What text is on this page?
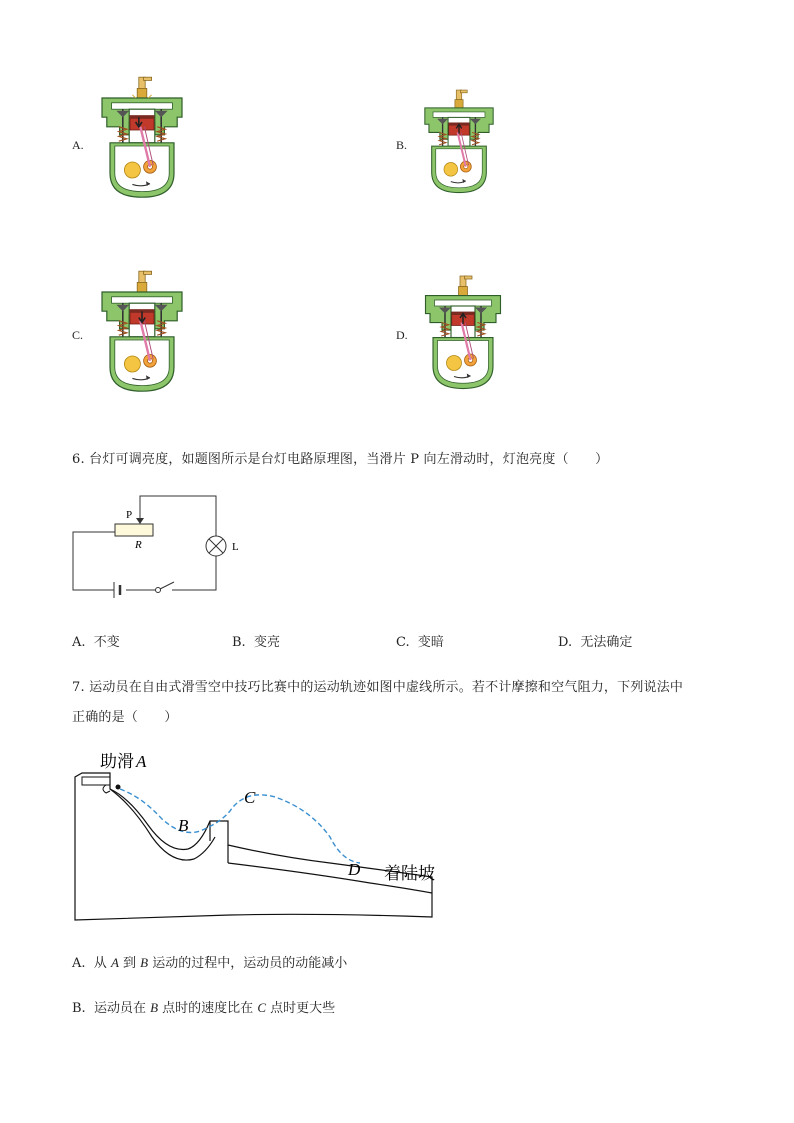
A.	B.
C.	D.
6. 台灯可调亮度，如题图所示是台灯电路原理图，当滑片 P 向左滑动时，灯泡亮度（　　）
P
R	L
A. 不变	B. 变亮	C. 变暗	D. 无法确定
7. 运动员在自由式滑雪空中技巧比赛中的运动轨迹如图中虚线所示。若不计摩擦和空气阻力，下列说法中
正确的是（　　）
助滑 A
B
C
D 着陆坡
A. 从 A 到 B 运动的过程中，运动员的动能减小
B. 运动员在 B 点时的速度比在 C 点时更大些
